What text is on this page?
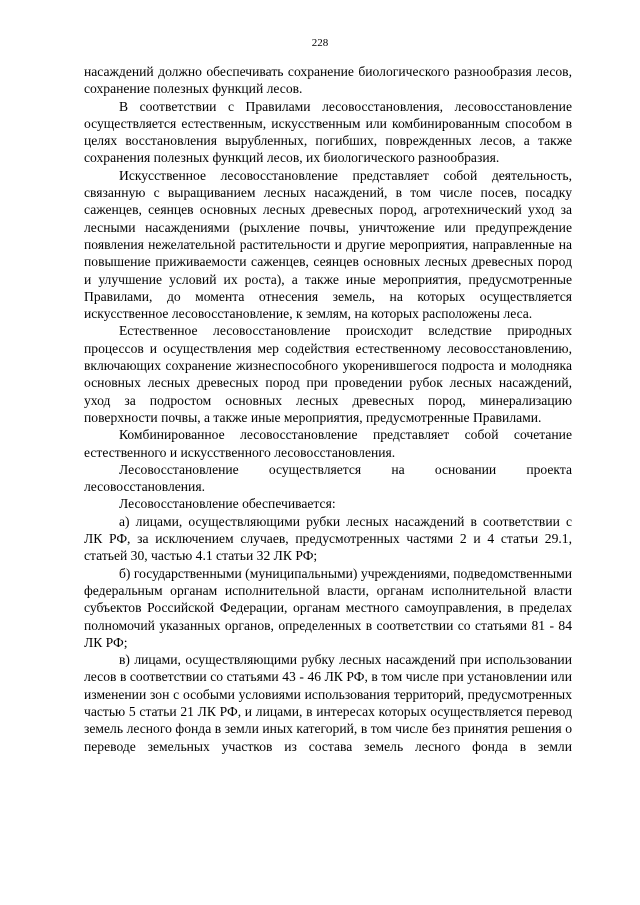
228

насаждений должно обеспечивать сохранение биологического разнообразия лесов, сохранение полезных функций лесов.

В соответствии с Правилами лесовосстановления, лесовосстановление осуществляется естественным, искусственным или комбинированным способом в целях восстановления вырубленных, погибших, поврежденных лесов, а также сохранения полезных функций лесов, их биологического разнообразия.

Искусственное лесовосстановление представляет собой деятельность, связанную с выращиванием лесных насаждений, в том числе посев, посадку саженцев, сеянцев основных лесных древесных пород, агротехнический уход за лесными насаждениями (рыхление почвы, уничтожение или предупреждение появления нежелательной растительности и другие мероприятия, направленные на повышение приживаемости саженцев, сеянцев основных лесных древесных пород и улучшение условий их роста), а также иные мероприятия, предусмотренные Правилами, до момента отнесения земель, на которых осуществляется искусственное лесовосстановление, к землям, на которых расположены леса.

Естественное лесовосстановление происходит вследствие природных процессов и осуществления мер содействия естественному лесовосстановлению, включающих сохранение жизнеспособного укоренившегося подроста и молодняка основных лесных древесных пород при проведении рубок лесных насаждений, уход за подростом основных лесных древесных пород, минерализацию поверхности почвы, а также иные мероприятия, предусмотренные Правилами.

Комбинированное лесовосстановление представляет собой сочетание естественного и искусственного лесовосстановления.

Лесовосстановление осуществляется на основании проекта лесовосстановления.

Лесовосстановление обеспечивается:

а) лицами, осуществляющими рубки лесных насаждений в соответствии с ЛК РФ, за исключением случаев, предусмотренных частями 2 и 4 статьи 29.1, статьей 30, частью 4.1 статьи 32 ЛК РФ;

б) государственными (муниципальными) учреждениями, подведомственными федеральным органам исполнительной власти, органам исполнительной власти субъектов Российской Федерации, органам местного самоуправления, в пределах полномочий указанных органов, определенных в соответствии со статьями 81 - 84 ЛК РФ;

в) лицами, осуществляющими рубку лесных насаждений при использовании лесов в соответствии со статьями 43 - 46 ЛК РФ, в том числе при установлении или изменении зон с особыми условиями использования территорий, предусмотренных частью 5 статьи 21 ЛК РФ, и лицами, в интересах которых осуществляется перевод земель лесного фонда в земли иных категорий, в том числе без принятия решения о переводе земельных участков из состава земель лесного фонда в земли
